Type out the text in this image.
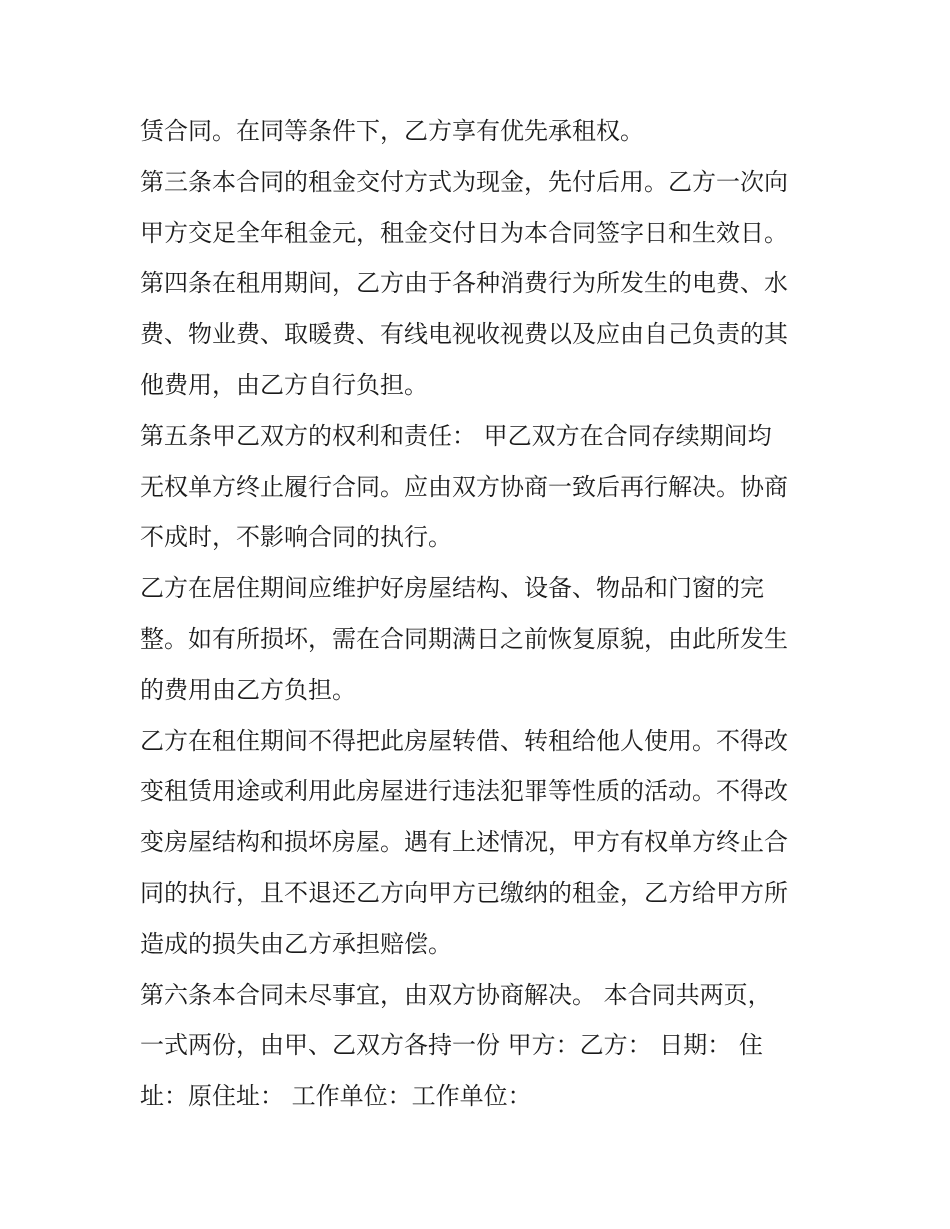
赁合同。在同等条件下，乙方享有优先承租权。
第三条本合同的租金交付方式为现金，先付后用。乙方一次向
甲方交足全年租金元，租金交付日为本合同签字日和生效日。
第四条在租用期间，乙方由于各种消费行为所发生的电费、水
费、物业费、取暖费、有线电视收视费以及应由自己负责的其
他费用，由乙方自行负担。
第五条甲乙双方的权利和责任： 甲乙双方在合同存续期间均
无权单方终止履行合同。应由双方协商一致后再行解决。协商
不成时，不影响合同的执行。
乙方在居住期间应维护好房屋结构、设备、物品和门窗的完
整。如有所损坏，需在合同期满日之前恢复原貌，由此所发生
的费用由乙方负担。
乙方在租住期间不得把此房屋转借、转租给他人使用。不得改
变租赁用途或利用此房屋进行违法犯罪等性质的活动。不得改
变房屋结构和损坏房屋。遇有上述情况，甲方有权单方终止合
同的执行，且不退还乙方向甲方已缴纳的租金，乙方给甲方所
造成的损失由乙方承担赔偿。
第六条本合同未尽事宜，由双方协商解决。 本合同共两页，
一式两份，由甲、乙双方各持一份 甲方：乙方： 日期： 住
址：原住址： 工作单位：工作单位：
